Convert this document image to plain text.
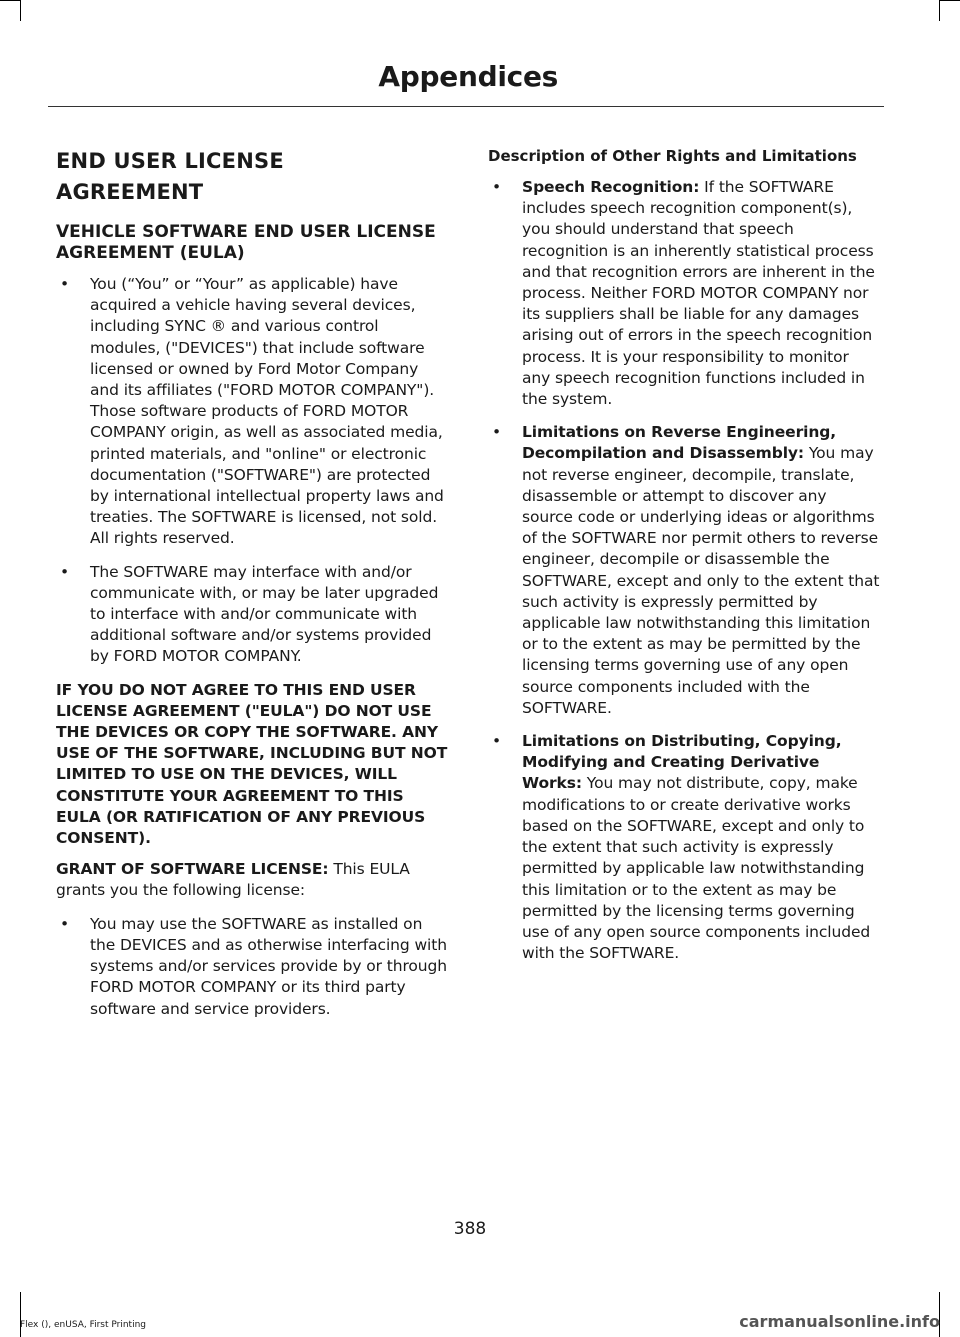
Appendices
END USER LICENSE
AGREEMENT
VEHICLE SOFTWARE END USER LICENSE AGREEMENT (EULA)
• You (“You” or “Your” as applicable) have acquired a vehicle having several devices, including SYNC ® and various control modules, ("DEVICES") that include software licensed or owned by Ford Motor Company and its affiliates ("FORD MOTOR COMPANY"). Those software products of FORD MOTOR COMPANY origin, as well as associated media, printed materials, and "online" or electronic documentation ("SOFTWARE") are protected by international intellectual property laws and treaties. The SOFTWARE is licensed, not sold. All rights reserved.
• The SOFTWARE may interface with and/or communicate with, or may be later upgraded to interface with and/or communicate with additional software and/or systems provided by FORD MOTOR COMPANY.
IF YOU DO NOT AGREE TO THIS END USER LICENSE AGREEMENT ("EULA") DO NOT USE THE DEVICES OR COPY THE SOFTWARE. ANY USE OF THE SOFTWARE, INCLUDING BUT NOT LIMITED TO USE ON THE DEVICES, WILL CONSTITUTE YOUR AGREEMENT TO THIS EULA (OR RATIFICATION OF ANY PREVIOUS CONSENT).
GRANT OF SOFTWARE LICENSE: This EULA grants you the following license:
• You may use the SOFTWARE as installed on the DEVICES and as otherwise interfacing with systems and/or services provide by or through FORD MOTOR COMPANY or its third party software and service providers.
Description of Other Rights and Limitations
• Speech Recognition: If the SOFTWARE includes speech recognition component(s), you should understand that speech recognition is an inherently statistical process and that recognition errors are inherent in the process. Neither FORD MOTOR COMPANY nor its suppliers shall be liable for any damages arising out of errors in the speech recognition process. It is your responsibility to monitor any speech recognition functions included in the system.
• Limitations on Reverse Engineering, Decompilation and Disassembly: You may not reverse engineer, decompile, translate, disassemble or attempt to discover any source code or underlying ideas or algorithms of the SOFTWARE nor permit others to reverse engineer, decompile or disassemble the SOFTWARE, except and only to the extent that such activity is expressly permitted by applicable law notwithstanding this limitation or to the extent as may be permitted by the licensing terms governing use of any open source components included with the SOFTWARE.
• Limitations on Distributing, Copying, Modifying and Creating Derivative Works: You may not distribute, copy, make modifications to or create derivative works based on the SOFTWARE, except and only to the extent that such activity is expressly permitted by applicable law notwithstanding this limitation or to the extent as may be permitted by the licensing terms governing use of any open source components included with the SOFTWARE.
388
Flex (), enUSA, First Printing	carmanualsonline.info
